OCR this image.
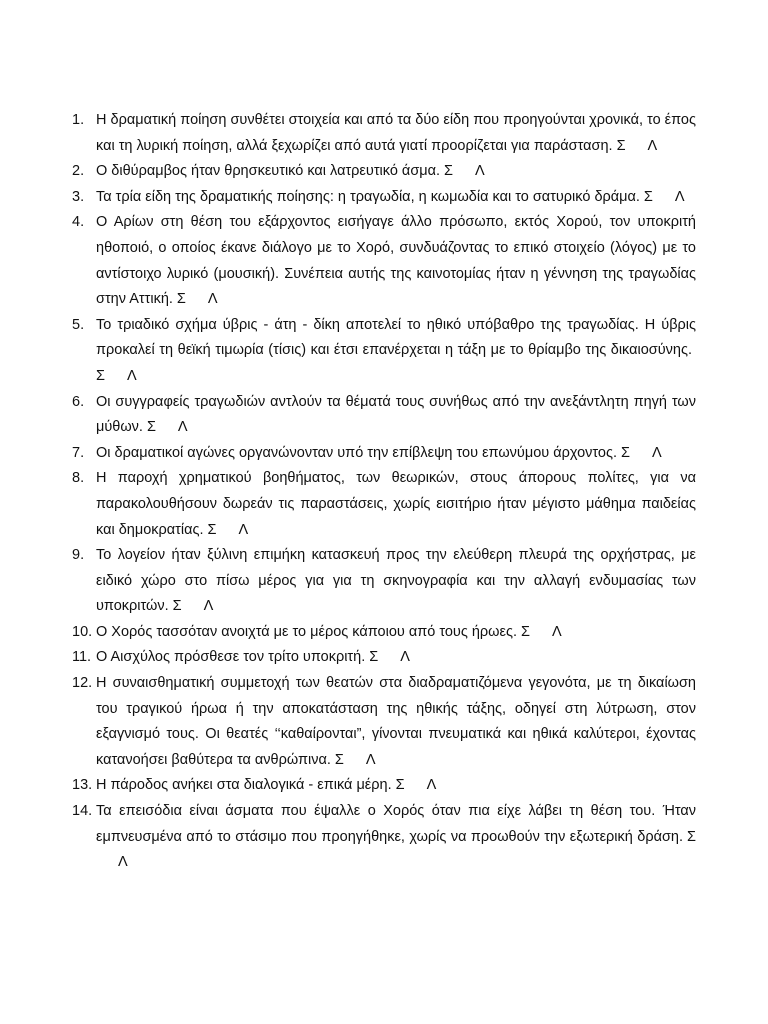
1. Η δραματική ποίηση συνθέτει στοιχεία και από τα δύο είδη που προηγούνται χρονικά, το έπος και τη λυρική ποίηση, αλλά ξεχωρίζει από αυτά γιατί προορίζεται για παράσταση. Σ Λ

2. Ο διθύραμβος ήταν θρησκευτικό και λατρευτικό άσμα. Σ Λ

3. Τα τρία είδη της δραματικής ποίησης: η τραγωδία, η κωμωδία και το σατυρικό δράμα. Σ Λ

4. Ο Αρίων στη θέση του εξάρχοντος εισήγαγε άλλο πρόσωπο, εκτός Χορού, τον υποκριτή ηθοποιό, ο οποίος έκανε διάλογο με το Χορό, συνδυάζοντας το επικό στοιχείο (λόγος) με το αντίστοιχο λυρικό (μουσική). Συνέπεια αυτής της καινοτομίας ήταν η γέννηση της τραγωδίας στην Αττική. Σ Λ

5. Το τριαδικό σχήμα ύβρις - άτη - δίκη αποτελεί το ηθικό υπόβαθρο της τραγωδίας. Η ύβρις προκαλεί τη θεϊκή τιμωρία (τίσις) και έτσι επανέρχεται η τάξη με το θρίαμβο της δικαιοσύνης.Σ Λ

6. Οι συγγραφείς τραγωδιών αντλούν τα θέματά τους συνήθως από την ανεξάντλητη πηγή των μύθων. Σ Λ

7. Οι δραματικοί αγώνες οργανώνονταν υπό την επίβλεψη του επωνύμου άρχοντος. Σ Λ

8. Η παροχή χρηματικού βοηθήματος, των θεωρικών, στους άπορους πολίτες, για να παρακολουθήσουν δωρεάν τις παραστάσεις, χωρίς εισιτήριο ήταν μέγιστο μάθημα παιδείας και δημοκρατίας. Σ Λ

9. Το λογείον ήταν ξύλινη επιμήκη κατασκευή προς την ελεύθερη πλευρά της ορχήστρας, με ειδικό χώρο στο πίσω μέρος για για τη σκηνογραφία και την αλλαγή ενδυμασίας των υποκριτών. Σ Λ

10. Ο Χορός τασσόταν ανοιχτά με το μέρος κάποιου από τους ήρωες. Σ Λ

11. Ο Αισχύλος πρόσθεσε τον τρίτο υποκριτή. Σ Λ

12. Η συναισθηματική συμμετοχή των θεατών στα διαδραματιζόμενα γεγονότα, με τη δικαίωση του τραγικού ήρωα ή την αποκατάσταση της ηθικής τάξης, οδηγεί στη λύτρωση, στον εξαγνισμό τους. Οι θεατές ‘‘καθαίρονται”, γίνονται πνευματικά και ηθικά καλύτεροι, έχοντας κατανοήσει βαθύτερα τα ανθρώπινα. Σ Λ

13. Η πάροδος ανήκει στα διαλογικά - επικά μέρη. Σ Λ

14. Τα επεισόδια είναι άσματα που έψαλλε ο Χορός όταν πια είχε λάβει τη θέση του. Ήταν εμπνευσμένα από το στάσιμο που προηγήθηκε, χωρίς να προωθούν την εξωτερική δράση. ΣΛ
